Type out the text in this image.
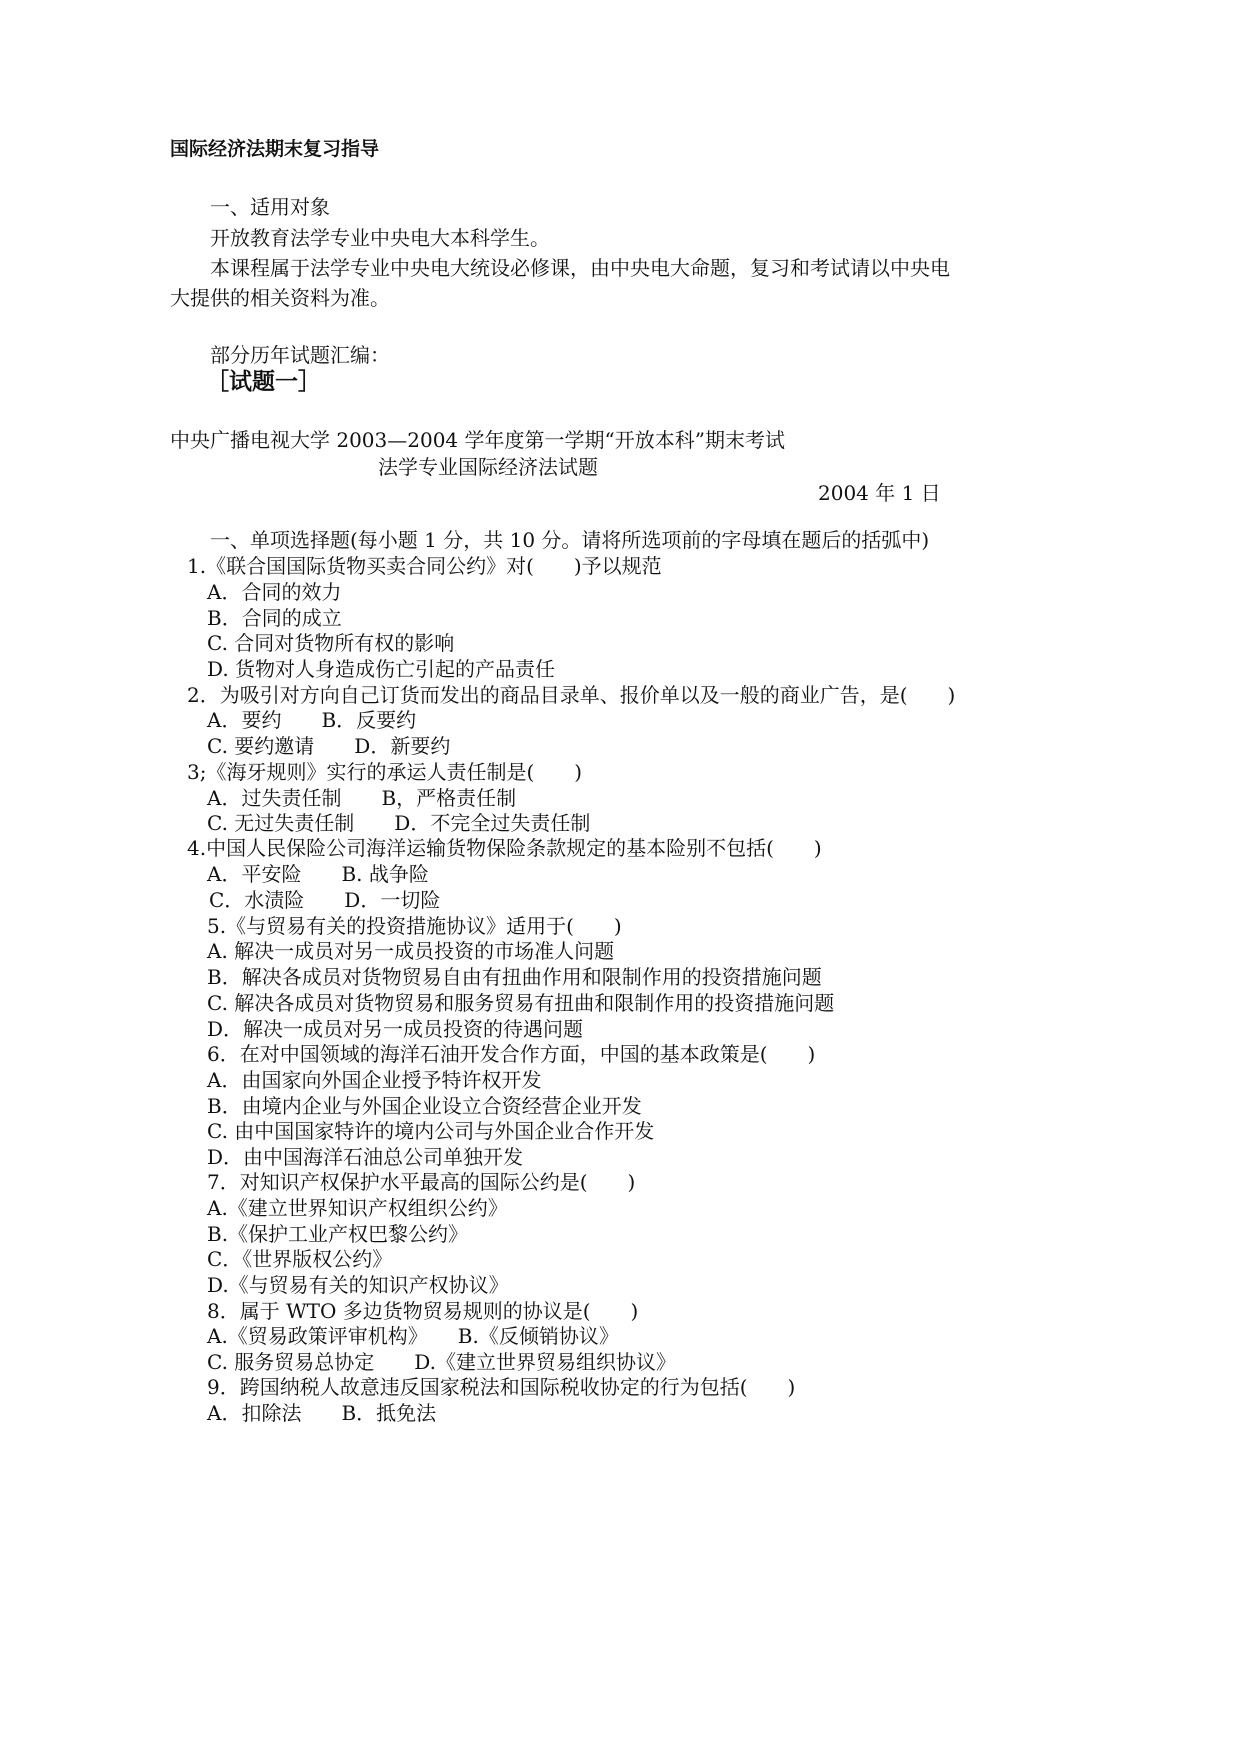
国际经济法期末复习指导
一、适用对象
开放教育法学专业中央电大本科学生。
本课程属于法学专业中央电大统设必修课，由中央电大命题，复习和考试请以中央电
大提供的相关资料为准。
部分历年试题汇编：
［试题一］
中央广播电视大学 2003—2004 学年度第一学期“开放本科”期末考试
法学专业国际经济法试题
2004 年 1 日
一、单项选择题(每小题 1 分，共 10 分。请将所选项前的字母填在题后的括弧中)
1.《联合国国际货物买卖合同公约》对(　　)予以规范
A．合同的效力
B．合同的成立
C. 合同对货物所有权的影响
D. 货物对人身造成伤亡引起的产品责任
2．为吸引对方向自己订货而发出的商品目录单、报价单以及一般的商业广告，是(　　)
A．要约　　B．反要约
C. 要约邀请　　D．新要约
3;《海牙规则》实行的承运人责任制是(　　)
A．过失责任制　　B，严格责任制
C. 无过失责任制　　D．不完全过失责任制
4.中国人民保险公司海洋运输货物保险条款规定的基本险别不包括(　　)
A．平安险　　B. 战争险
C．水渍险　　D．一切险
5.《与贸易有关的投资措施协议》适用于(　　)
A. 解决一成员对另一成员投资的市场准人问题
B．解决各成员对货物贸易自由有扭曲作用和限制作用的投资措施问题
C. 解决各成员对货物贸易和服务贸易有扭曲和限制作用的投资措施问题
D．解决一成员对另一成员投资的待遇问题
6．在对中国领域的海洋石油开发合作方面，中国的基本政策是(　　)
A．由国家向外国企业授予特许权开发
B．由境内企业与外国企业设立合资经营企业开发
C. 由中国国家特许的境内公司与外国企业合作开发
D．由中国海洋石油总公司单独开发
7．对知识产权保护水平最高的国际公约是(　　)
A.《建立世界知识产权组织公约》
B.《保护工业产权巴黎公约》
C．《世界版权公约》
D.《与贸易有关的知识产权协议》
8．属于 WTO 多边货物贸易规则的协议是(　　)
A.《贸易政策评审机构》　　B.《反倾销协议》
C. 服务贸易总协定　　D.《建立世界贸易组织协议》
9．跨国纳税人故意违反国家税法和国际税收协定的行为包括(　　)
A．扣除法　　B．抵免法
